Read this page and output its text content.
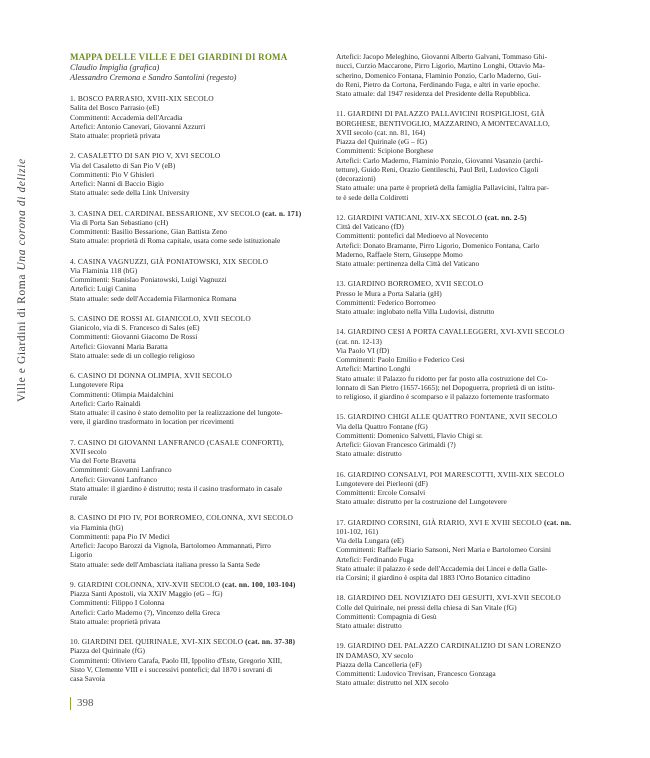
Ville e Giardini di Roma Una corona di delizie
MAPPA DELLE VILLE E DEI GIARDINI DI ROMA
Claudio Impiglia (grafica)
Alessandro Cremona e Sandro Santolini (regesto)
1. BOSCO PARRASIO, XVIII-XIX SECOLO
Salita del Bosco Parrasio (eE)
Committenti: Accademia dell'Arcadia
Artefici: Antonio Canevari, Giovanni Azzurri
Stato attuale: proprietà privata
2. CASALETTO DI SAN PIO V, XVI SECOLO
Via del Casaletto di San Pio V (eB)
Committenti: Pio V Ghisleri
Artefici: Nanni di Baccio Bigio
Stato attuale: sede della Link University
3. CASINA DEL CARDINAL BESSARIONE, XV SECOLO (cat. n. 171)
Via di Porta San Sebastiano (cH)
Committenti: Basilio Bessarione, Gian Battista Zeno
Stato attuale: proprietà di Roma capitale, usata come sede istituzionale
4. CASINA VAGNUZZI, GIÀ PONIATOWSKI, XIX SECOLO
Via Flaminia 118 (hG)
Committenti: Stanislao Poniatowski, Luigi Vagnuzzi
Artefici: Luigi Canina
Stato attuale: sede dell'Accademia Filarmonica Romana
5. CASINO DE ROSSI AL GIANICOLO, XVII SECOLO
Gianicolo, via di S. Francesco di Sales (eE)
Committenti: Giovanni Giacomo De Rossi
Artefici: Giovanni Maria Baratta
Stato attuale: sede di un collegio religioso
6. CASINO DI DONNA OLIMPIA, XVII SECOLO
Lungotevere Ripa
Committenti: Olimpia Maidalchini
Artefici: Carlo Rainaldi
Stato attuale: il casino è stato demolito per la realizzazione del lungote-
vere, il giardino trasformato in location per ricevimenti
7. CASINO DI GIOVANNI LANFRANCO (CASALE CONFORTI),
XVII secolo
Via del Forte Bravetta
Committenti: Giovanni Lanfranco
Artefici: Giovanni Lanfranco
Stato attuale: il giardino è distrutto; resta il casino trasformato in casale
rurale
8. CASINO DI PIO IV, POI BORROMEO, COLONNA, XVI SECOLO
via Flaminia (hG)
Committenti: papa Pio IV Medici
Artefici: Jacopo Barozzi da Vignola, Bartolomeo Ammannati, Pirro
Ligorio
Stato attuale: sede dell'Ambasciata italiana presso la Santa Sede
9. GIARDINI COLONNA, XIV-XVII SECOLO (cat. nn. 100, 103-104)
Piazza Santi Apostoli, via XXIV Maggio (eG – fG)
Committenti: Filippo I Colonna
Artefici: Carlo Maderno (?), Vincenzo della Greca
Stato attuale: proprietà privata
10. GIARDINI DEL QUIRINALE, XVI-XIX SECOLO (cat. nn. 37-38)
Piazza del Quirinale (fG)
Committenti: Oliviero Carafa, Paolo III, Ippolito d'Este, Gregorio XIII,
Sisto V, Clemente VIII e i successivi pontefici; dal 1870 i sovrani di
casa Savoia
Artefici: Jacopo Meleghino, Giovanni Alberto Galvani, Tommaso Ghi-
nucci, Curzio Maccarone, Pirro Ligorio, Martino Longhi, Ottavio Ma-
scherino, Domenico Fontana, Flaminio Ponzio, Carlo Maderno, Gui-
do Reni, Pietro da Cortona, Ferdinando Fuga, e altri in varie epoche.
Stato attuale: dal 1947 residenza del Presidente della Repubblica.
11. GIARDINI DI PALAZZO PALLAVICINI ROSPIGLIOSI, GIÀ
BORGHESE, BENTIVOGLIO, MAZZARINO, A MONTECAVALLO,
XVII secolo (cat. nn. 81, 164)
Piazza del Quirinale (eG – fG)
Committenti: Scipione Borghese
Artefici: Carlo Maderno, Flaminio Ponzio, Giovanni Vasanzio (archi-
tetture), Guido Reni, Orazio Gentileschi, Paul Bril, Ludovico Cigoli
(decorazioni)
Stato attuale: una parte è proprietà della famiglia Pallavicini, l'altra par-
te è sede della Coldiretti
12. GIARDINI VATICANI, XIV-XX SECOLO (cat. nn. 2-5)
Città del Vaticano (fD)
Committenti: pontefici dal Medioevo al Novecento
Artefici: Donato Bramante, Pirro Ligorio, Domenico Fontana, Carlo
Maderno, Raffaele Stern, Giuseppe Momo
Stato attuale: pertinenza della Città del Vaticano
13. GIARDINO BORROMEO, XVII SECOLO
Presso le Mura a Porta Salaria (gH)
Committenti: Federico Borromeo
Stato attuale: inglobato nella Villa Ludovisi, distrutto
14. GIARDINO CESI A PORTA CAVALLEGGERI, XVI-XVII SECOLO
(cat. nn. 12-13)
Via Paolo VI (fD)
Committenti: Paolo Emilio e Federico Cesi
Artefici: Martino Longhi
Stato attuale: il Palazzo fu ridotto per far posto alla costruzione del Co-
lonnato di San Pietro (1657-1665); nel Dopoguerra, proprietà di un istitu-
to religioso, il giardino è scomparso e il palazzo fortemente trasformato
15. GIARDINO CHIGI ALLE QUATTRO FONTANE, XVII SECOLO
Via della Quattro Fontane (fG)
Committenti: Domenico Salvetti, Flavio Chigi sr.
Artefici: Giovan Francesco Grimaldi (?)
Stato attuale: distrutto
16. GIARDINO CONSALVI, POI MARESCOTTI, XVIII-XIX SECOLO
Lungotevere dei Pierleoni (dF)
Committenti: Ercole Consalvi
Stato attuale: distrutto per la costruzione del Lungotevere
17. GIARDINO CORSINI, GIÀ RIARIO, XVI E XVIII SECOLO (cat. nn.
101-102, 161)
Via della Lungara (eE)
Committenti: Raffaele Riario Sansoni, Neri Maria e Bartolomeo Corsini
Artefici: Ferdinando Fuga
Stato attuale: il palazzo è sede dell'Accademia dei Lincei e della Galle-
ria Corsini; il giardino è ospita dal 1883 l'Orto Botanico cittadino
18. GIARDINO DEL NOVIZIATO DEI GESUITI, XVI-XVII SECOLO
Colle del Quirinale, nei pressi della chiesa di San Vitale (fG)
Committenti: Compagnia di Gesù
Stato attuale: distrutto
19. GIARDINO DEL PALAZZO CARDINALIZIO DI SAN LORENZO
IN DAMASO, XV secolo
Piazza della Cancelleria (eF)
Committenti: Ludovico Trevisan, Francesco Gonzaga
Stato attuale: distrutto nel XIX secolo
398
